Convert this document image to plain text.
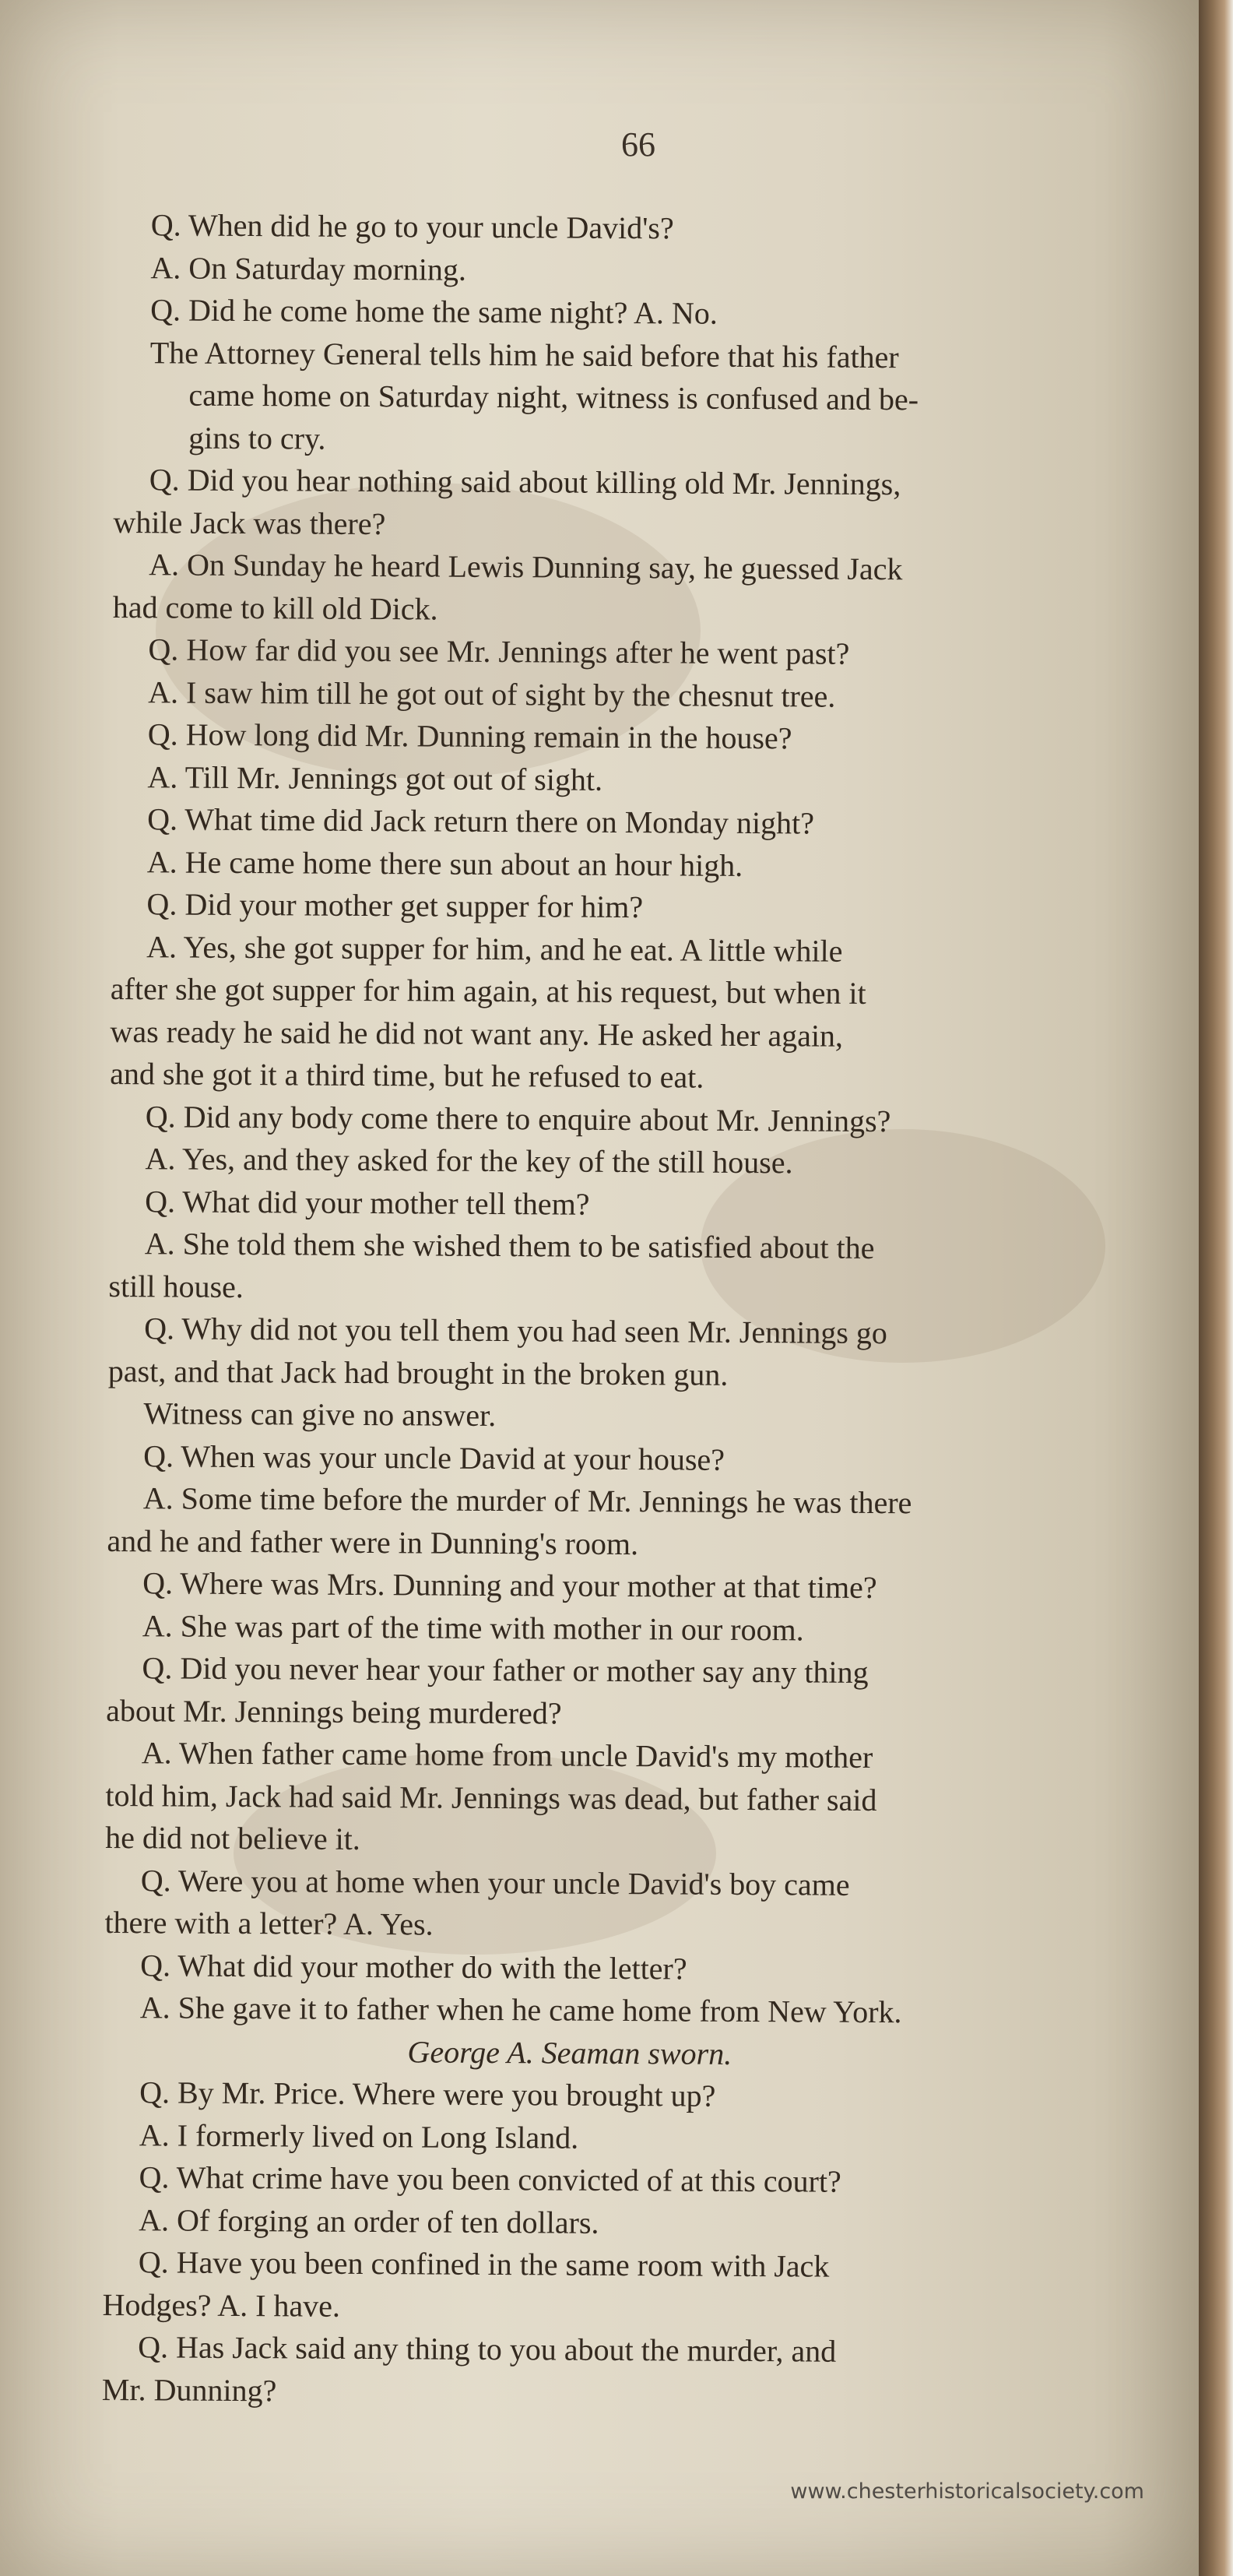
66
Q. When did he go to your uncle David's?
A. On Saturday morning.
Q. Did he come home the same night? A. No.
The Attorney General tells him he said before that his father
came home on Saturday night, witness is confused and be-
gins to cry.
Q. Did you hear nothing said about killing old Mr. Jennings,
while Jack was there?
A. On Sunday he heard Lewis Dunning say, he guessed Jack
had come to kill old Dick.
Q. How far did you see Mr. Jennings after he went past?
A. I saw him till he got out of sight by the chesnut tree.
Q. How long did Mr. Dunning remain in the house?
A. Till Mr. Jennings got out of sight.
Q. What time did Jack return there on Monday night?
A. He came home there sun about an hour high.
Q. Did your mother get supper for him?
A. Yes, she got supper for him, and he eat. A little while
after she got supper for him again, at his request, but when it
was ready he said he did not want any. He asked her again,
and she got it a third time, but he refused to eat.
Q. Did any body come there to enquire about Mr. Jennings?
A. Yes, and they asked for the key of the still house.
Q. What did your mother tell them?
A. She told them she wished them to be satisfied about the
still house.
Q. Why did not you tell them you had seen Mr. Jennings go
past, and that Jack had brought in the broken gun.
Witness can give no answer.
Q. When was your uncle David at your house?
A. Some time before the murder of Mr. Jennings he was there
and he and father were in Dunning's room.
Q. Where was Mrs. Dunning and your mother at that time?
A. She was part of the time with mother in our room.
Q. Did you never hear your father or mother say any thing
about Mr. Jennings being murdered?
A. When father came home from uncle David's my mother
told him, Jack had said Mr. Jennings was dead, but father said
he did not believe it.
Q. Were you at home when your uncle David's boy came
there with a letter? A. Yes.
Q. What did your mother do with the letter?
A. She gave it to father when he came home from New York.
George A. Seaman sworn.
Q. By Mr. Price. Where were you brought up?
A. I formerly lived on Long Island.
Q. What crime have you been convicted of at this court?
A. Of forging an order of ten dollars.
Q. Have you been confined in the same room with Jack
Hodges? A. I have.
Q. Has Jack said any thing to you about the murder, and
Mr. Dunning?
www.chesterhistoricalsociety.com
